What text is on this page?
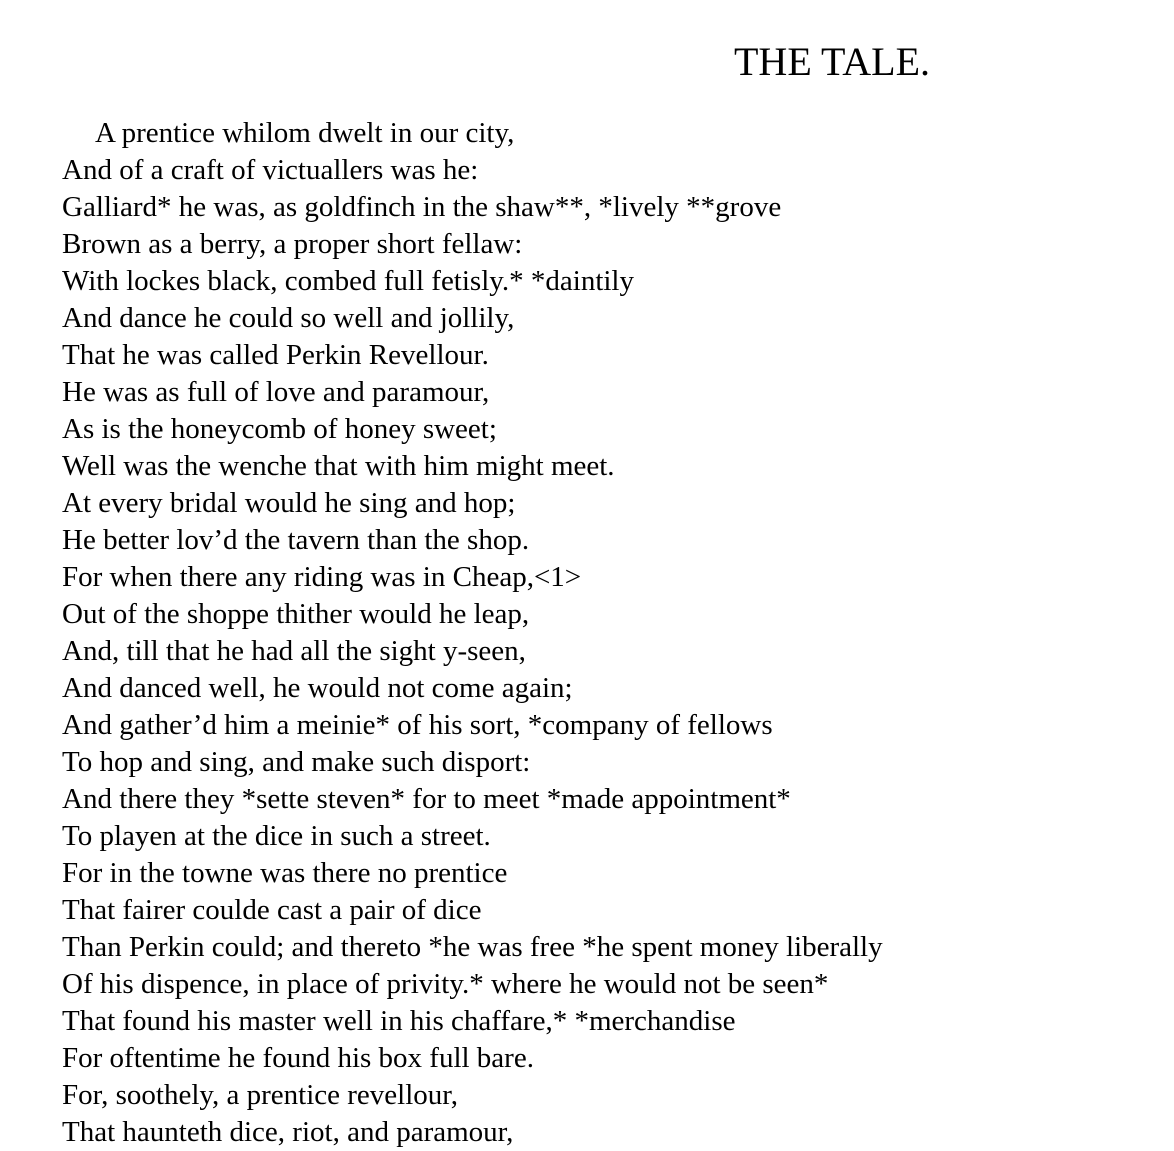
THE TALE.
A prentice whilom dwelt in our city,
And of a craft of victuallers was he:
Galliard* he was, as goldfinch in the shaw**, *lively **grove
Brown as a berry, a proper short fellaw:
With lockes black, combed full fetisly.* *daintily
And dance he could so well and jollily,
That he was called Perkin Revellour.
He was as full of love and paramour,
As is the honeycomb of honey sweet;
Well was the wenche that with him might meet.
At every bridal would he sing and hop;
He better lov’d the tavern than the shop.
For when there any riding was in Cheap,<1>
Out of the shoppe thither would he leap,
And, till that he had all the sight y-seen,
And danced well, he would not come again;
And gather’d him a meinie* of his sort, *company of fellows
To hop and sing, and make such disport:
And there they *sette steven* for to meet *made appointment*
To playen at the dice in such a street.
For in the towne was there no prentice
That fairer coulde cast a pair of dice
Than Perkin could; and thereto *he was free *he spent money liberally
Of his dispence, in place of privity.* where he would not be seen*
That found his master well in his chaffare,* *merchandise
For oftentime he found his box full bare.
For, soothely, a prentice revellour,
That haunteth dice, riot, and paramour,
